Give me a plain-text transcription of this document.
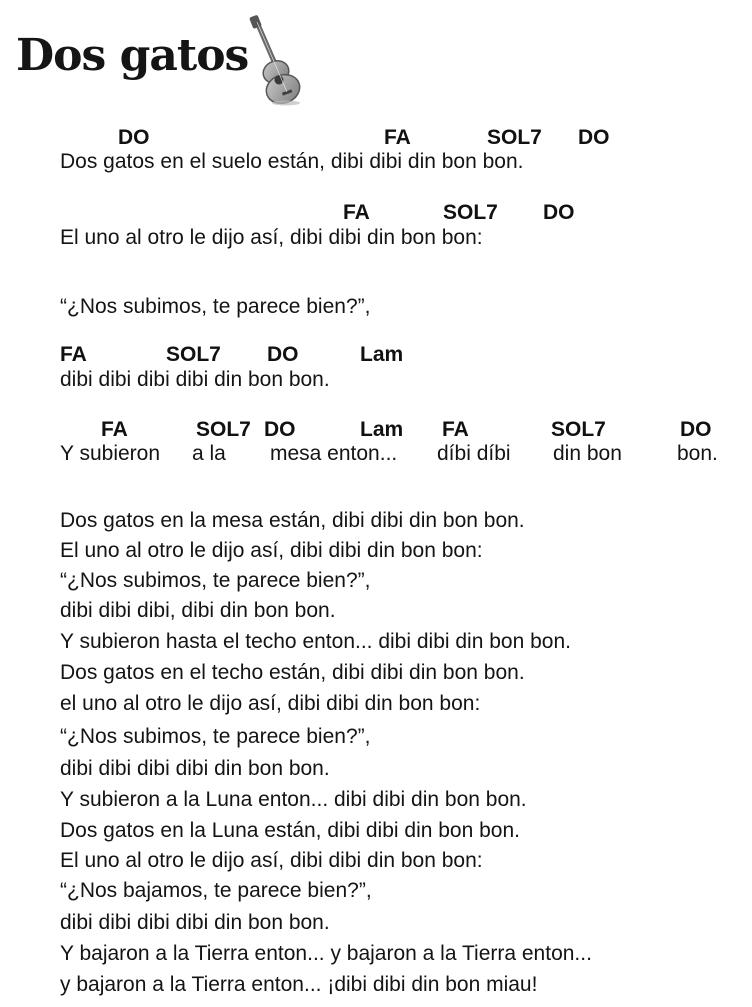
Dos gatos
DO	FA	SOL7 DO
Dos gatos en el suelo están, dibi dibi din bon bon.
FA	SOL7 DO
El uno al otro le dijo así, dibi dibi din bon bon:
“¿Nos subimos, te parece bien?”,
FA	SOL7 DO	Lam
dibi dibi dibi dibi din bon bon.
FA	SOL7 DO	Lam FA	SOL7	DO
Y subieron a la mesa enton... díbi díbi din bon	bon.
Dos gatos en la mesa están, dibi dibi din bon bon.
El uno al otro le dijo así, dibi dibi din bon bon:
“¿Nos subimos, te parece bien?”,
dibi dibi dibi, dibi din bon bon.
Y subieron hasta el techo enton... dibi dibi din bon bon.
Dos gatos en el techo están, dibi dibi din bon bon.
el uno al otro le dijo así, dibi dibi din bon bon:
“¿Nos subimos, te parece bien?”,
dibi dibi dibi dibi din bon bon.
Y subieron a la Luna enton... dibi dibi din bon bon.
Dos gatos en la Luna están, dibi dibi din bon bon.
El uno al otro le dijo así, dibi dibi din bon bon:
“¿Nos bajamos, te parece bien?”,
dibi dibi dibi dibi din bon bon.
Y bajaron a la Tierra enton... y bajaron a la Tierra enton...
y bajaron a la Tierra enton... ¡dibi dibi din bon miau!
